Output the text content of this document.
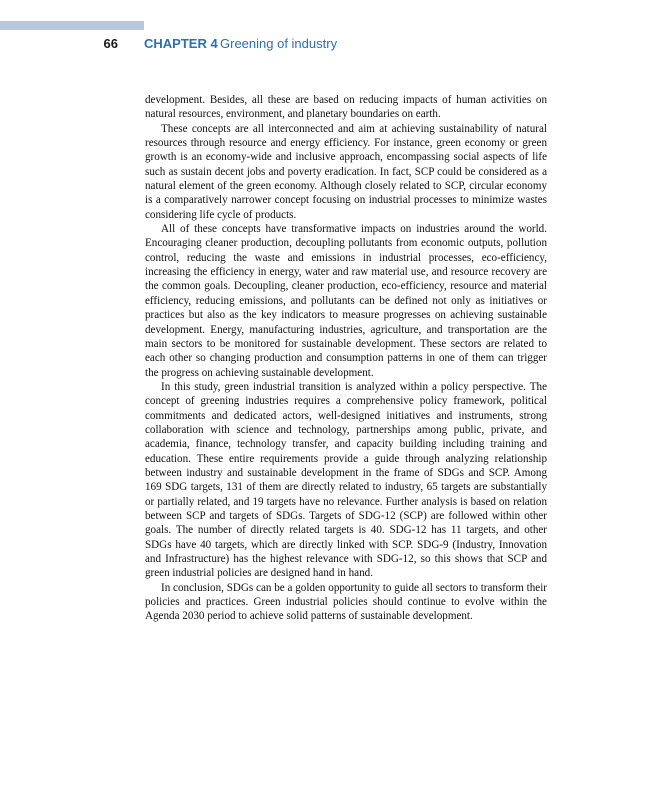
66 CHAPTER 4 Greening of industry

development. Besides, all these are based on reducing impacts of human activities on natural resources, environment, and planetary boundaries on earth.

These concepts are all interconnected and aim at achieving sustainability of natural resources through resource and energy efficiency. For instance, green economy or green growth is an economy-wide and inclusive approach, encompassing social aspects of life such as sustain decent jobs and poverty eradication. In fact, SCP could be considered as a natural element of the green economy. Although closely related to SCP, circular economy is a comparatively narrower concept focusing on industrial processes to minimize wastes considering life cycle of products.

All of these concepts have transformative impacts on industries around the world. Encouraging cleaner production, decoupling pollutants from economic outputs, pollution control, reducing the waste and emissions in industrial processes, eco-efficiency, increasing the efficiency in energy, water and raw material use, and resource recovery are the common goals. Decoupling, cleaner production, eco-efficiency, resource and material efficiency, reducing emissions, and pollutants can be defined not only as initiatives or practices but also as the key indicators to measure progresses on achieving sustainable development. Energy, manufacturing industries, agriculture, and transportation are the main sectors to be monitored for sustainable development. These sectors are related to each other so changing production and consumption patterns in one of them can trigger the progress on achieving sustainable development.

In this study, green industrial transition is analyzed within a policy perspective. The concept of greening industries requires a comprehensive policy framework, political commitments and dedicated actors, well-designed initiatives and instruments, strong collaboration with science and technology, partnerships among public, private, and academia, finance, technology transfer, and capacity building including training and education. These entire requirements provide a guide through analyzing relationship between industry and sustainable development in the frame of SDGs and SCP. Among 169 SDG targets, 131 of them are directly related to industry, 65 targets are substantially or partially related, and 19 targets have no relevance. Further analysis is based on relation between SCP and targets of SDGs. Targets of SDG-12 (SCP) are followed within other goals. The number of directly related targets is 40. SDG-12 has 11 targets, and other SDGs have 40 targets, which are directly linked with SCP. SDG-9 (Industry, Innovation and Infrastructure) has the highest relevance with SDG-12, so this shows that SCP and green industrial policies are designed hand in hand.

In conclusion, SDGs can be a golden opportunity to guide all sectors to transform their policies and practices. Green industrial policies should continue to evolve within the Agenda 2030 period to achieve solid patterns of sustainable development.
